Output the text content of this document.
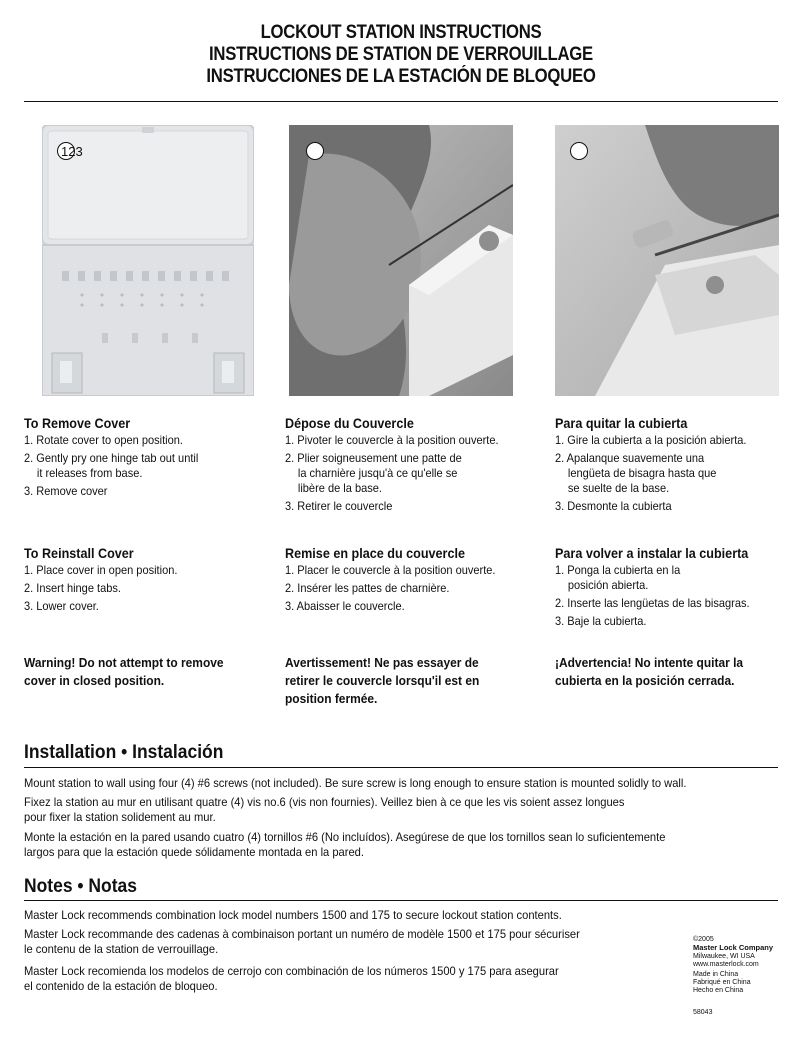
LOCKOUT STATION INSTRUCTIONS
INSTRUCTIONS DE STATION DE VERROUILLAGE
INSTRUCCIONES DE LA ESTACIÓN DE BLOQUEO
123
To Remove Cover
1. Rotate cover to open position.
2. Gently pry one hinge tab out until
it releases from base.
3. Remove cover
To Reinstall Cover
1. Place cover in open position.
2. Insert hinge tabs.
3. Lower cover.
Warning! Do not attempt to remove
cover in closed position.
Dépose du Couvercle
1. Pivoter le couvercle à la position ouverte.
2. Plier soigneusement une patte de
la charnière jusqu'à ce qu'elle se
libère de la base.
3. Retirer le couvercle
Remise en place du couvercle
1. Placer le couvercle à la position ouverte.
2. Insérer les pattes de charnière.
3. Abaisser le couvercle.
Avertissement! Ne pas essayer de
retirer le couvercle lorsqu'il est en
position fermée.
Para quitar la cubierta
1. Gire la cubierta a la posición abierta.
2. Apalanque suavemente una
lengüeta de bisagra hasta que
se suelte de la base.
3. Desmonte la cubierta
Para volver a instalar la cubierta
1. Ponga la cubierta en la
posición abierta.
2. Inserte las lengüetas de las bisagras.
3. Baje la cubierta.
¡Advertencia! No intente quitar la
cubierta en la posición cerrada.
Installation • Instalación
Mount station to wall using four (4) #6 screws (not included). Be sure screw is long enough to ensure station is mounted solidly to wall.
Fixez la station au mur en utilisant quatre (4) vis no.6 (vis non fournies). Veillez bien à ce que les vis soient assez longues
pour fixer la station solidement au mur.
Monte la estación en la pared usando cuatro (4) tornillos #6 (No incluídos). Asegúrese de que los tornillos sean lo suficientemente
largos para que la estación quede sólidamente montada en la pared.
Notes • Notas
Master Lock recommends combination lock model numbers 1500 and 175 to secure lockout station contents.
Master Lock recommande des cadenas à combinaison portant un numéro de modèle 1500 et 175 pour sécuriser
le contenu de la station de verrouillage.
Master Lock recomienda los modelos de cerrojo con combinación de los números 1500 y 175 para asegurar
el contenido de la estación de bloqueo.
©2005
Master Lock Company
Milwaukee, WI USA
www.masterlock.com
Made in China
Fabriqué en China
Hecho en China
58043
